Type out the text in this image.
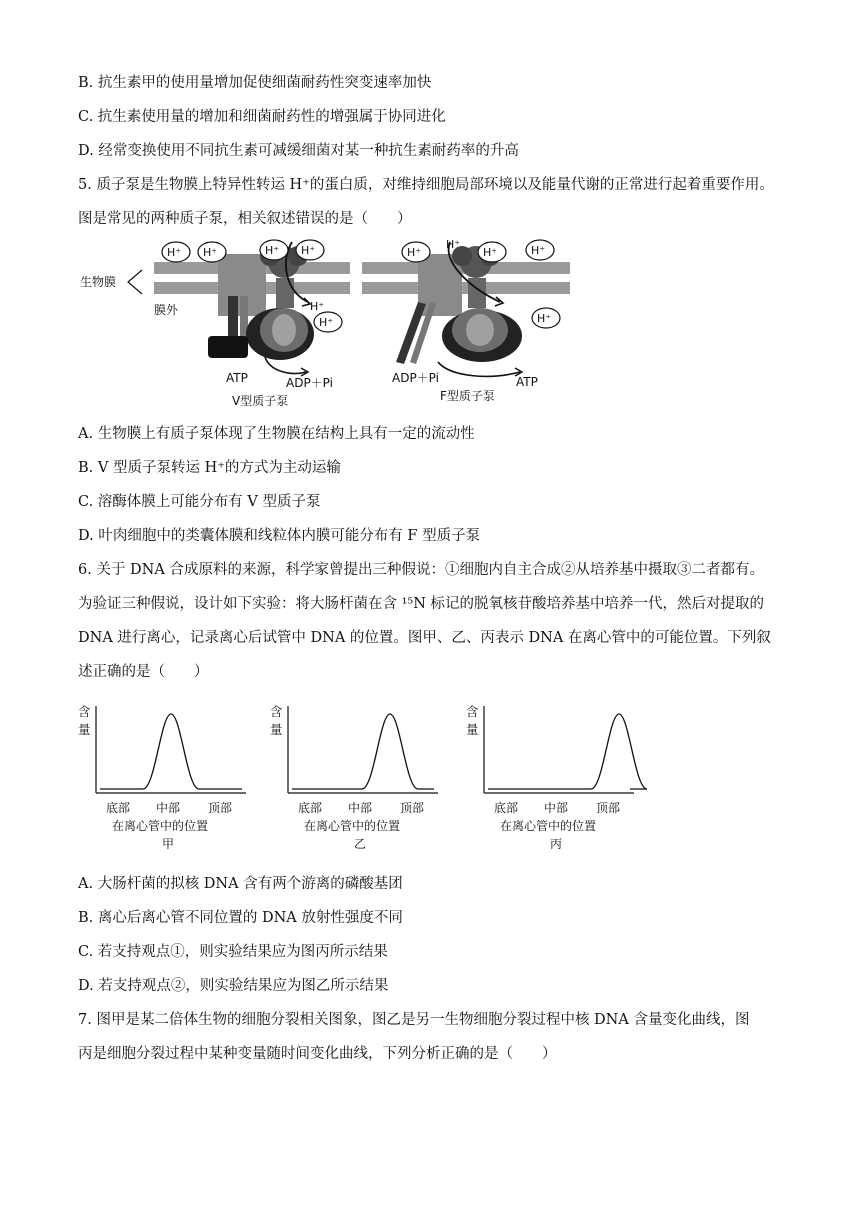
B. 抗生素甲的使用量增加促使细菌耐药性突变速率加快
C. 抗生素使用量的增加和细菌耐药性的增强属于协同进化
D. 经常变换使用不同抗生素可减缓细菌对某一种抗生素耐药率的升高
5. 质子泵是生物膜上特异性转运 H⁺的蛋白质，对维持细胞局部环境以及能量代谢的正常进行起着重要作用。
图是常见的两种质子泵，相关叙述错误的是（　　）
生物膜
膜外
H⁺ H⁺	H⁺ H⁺
H⁺
H⁺
ATP	ADP＋Pi
V型质子泵
H⁺
H⁺
H⁺	H⁺
H⁺
ADP＋Pi	ATP
F型质子泵
A. 生物膜上有质子泵体现了生物膜在结构上具有一定的流动性
B. V 型质子泵转运 H⁺的方式为主动运输
C. 溶酶体膜上可能分布有 V 型质子泵
D. 叶肉细胞中的类囊体膜和线粒体内膜可能分布有 F 型质子泵
6. 关于 DNA 合成原料的来源，科学家曾提出三种假说：①细胞内自主合成②从培养基中摄取③二者都有。
为验证三种假说，设计如下实验：将大肠杆菌在含 ¹⁵N 标记的脱氧核苷酸培养基中培养一代，然后对提取的
DNA 进行离心，记录离心后试管中 DNA 的位置。图甲、乙、丙表示 DNA 在离心管中的可能位置。下列叙
述正确的是（　　）
含
量
底部 中部 顶部
在离心管中的位置
甲
含
量
底部 中部 顶部
在离心管中的位置
乙
含
量
底部 中部 顶部
在离心管中的位置
丙
A. 大肠杆菌的拟核 DNA 含有两个游离的磷酸基团
B. 离心后离心管不同位置的 DNA 放射性强度不同
C. 若支持观点①，则实验结果应为图丙所示结果
D. 若支持观点②，则实验结果应为图乙所示结果
7. 图甲是某二倍体生物的细胞分裂相关图象，图乙是另一生物细胞分裂过程中核 DNA 含量变化曲线，图
丙是细胞分裂过程中某种变量随时间变化曲线，下列分析正确的是（　　）
